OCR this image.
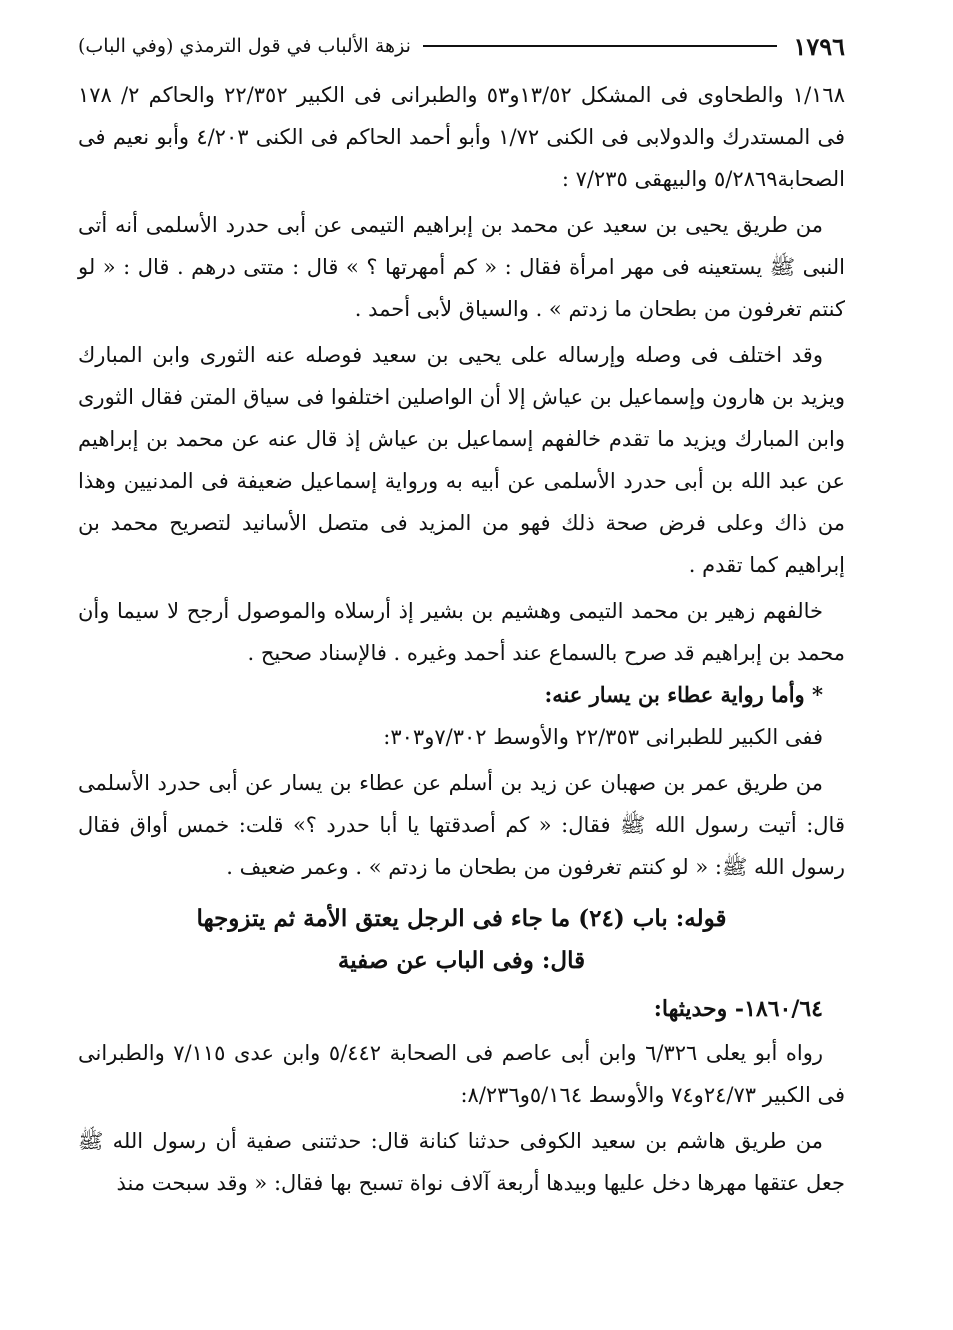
١٧٩٦
نزهة الألباب في قول الترمذي (وفي الباب)

١/١٦٨ والطحاوى فى المشكل ١٣/٥٢و٥٣ والطبرانى فى الكبير ٢٢/٣٥٢ والحاكم ٢/ ١٧٨ فى المستدرك والدولابى فى الكنى ١/٧٢ وأبو أحمد الحاكم فى الكنى ٤/٢٠٣ وأبو نعيم فى الصحابة٥/٢٨٦٩ والبيهقى ٧/٢٣٥ :

من طريق يحيى بن سعيد عن محمد بن إبراهيم التيمى عن أبى حدرد الأسلمى أنه أتى النبى ﷺ يستعينه فى مهر امرأة فقال : « كم أمهرتها ؟ » قال : متتى درهم . قال : « لو كنتم تغرفون من بطحان ما زدتم » . والسياق لأبى أحمد .

وقد اختلف فى وصله وإرساله على يحيى بن سعيد فوصله عنه الثورى وابن المبارك ويزيد بن هارون وإسماعيل بن عياش إلا أن الواصلين اختلفوا فى سياق المتن فقال الثورى وابن المبارك ويزيد ما تقدم خالفهم إسماعيل بن عياش إذ قال عنه عن محمد بن إبراهيم عن عبد الله بن أبى حدرد الأسلمى عن أبيه به ورواية إسماعيل ضعيفة فى المدنيين وهذا من ذاك وعلى فرض صحة ذلك فهو من المزيد فى متصل الأسانيد لتصريح محمد بن إبراهيم كما تقدم .

خالفهم زهير بن محمد التيمى وهشيم بن بشير إذ أرسلاه والموصول أرجح لا سيما وأن محمد بن إبراهيم قد صرح بالسماع عند أحمد وغيره . فالإسناد صحيح .

* وأما رواية عطاء بن يسار عنه:

ففى الكبير للطبرانى ٢٢/٣٥٣ والأوسط ٧/٣٠٢و٣٠٣:

من طريق عمر بن صهبان عن زيد بن أسلم عن عطاء بن يسار عن أبى حدرد الأسلمى قال: أتيت رسول الله ﷺ فقال: « كم أصدقتها يا أبا حدرد ؟» قلت: خمس أواق فقال رسول الله ﷺ: « لو كنتم تغرفون من بطحان ما زدتم » . وعمر ضعيف .

قوله: باب (٢٤) ما جاء فى الرجل يعتق الأمة ثم يتزوجها
قال: وفى الباب عن صفية
١٨٦٠/٦٤- وحديثها:

رواه أبو يعلى ٦/٣٢٦ وابن أبى عاصم فى الصحابة ٥/٤٤٢ وابن عدى ٧/١١٥ والطبرانى فى الكبير ٢٤/٧٣و٧٤ والأوسط ٥/١٦٤و٨/٢٣٦:

من طريق هاشم بن سعيد الكوفى حدثنا كنانة قال: حدثتنى صفية أن رسول الله ﷺ جعل عتقها مهرها دخل عليها وبيدها أربعة آلاف نواة تسبح بها فقال: « وقد سبحت منذ
